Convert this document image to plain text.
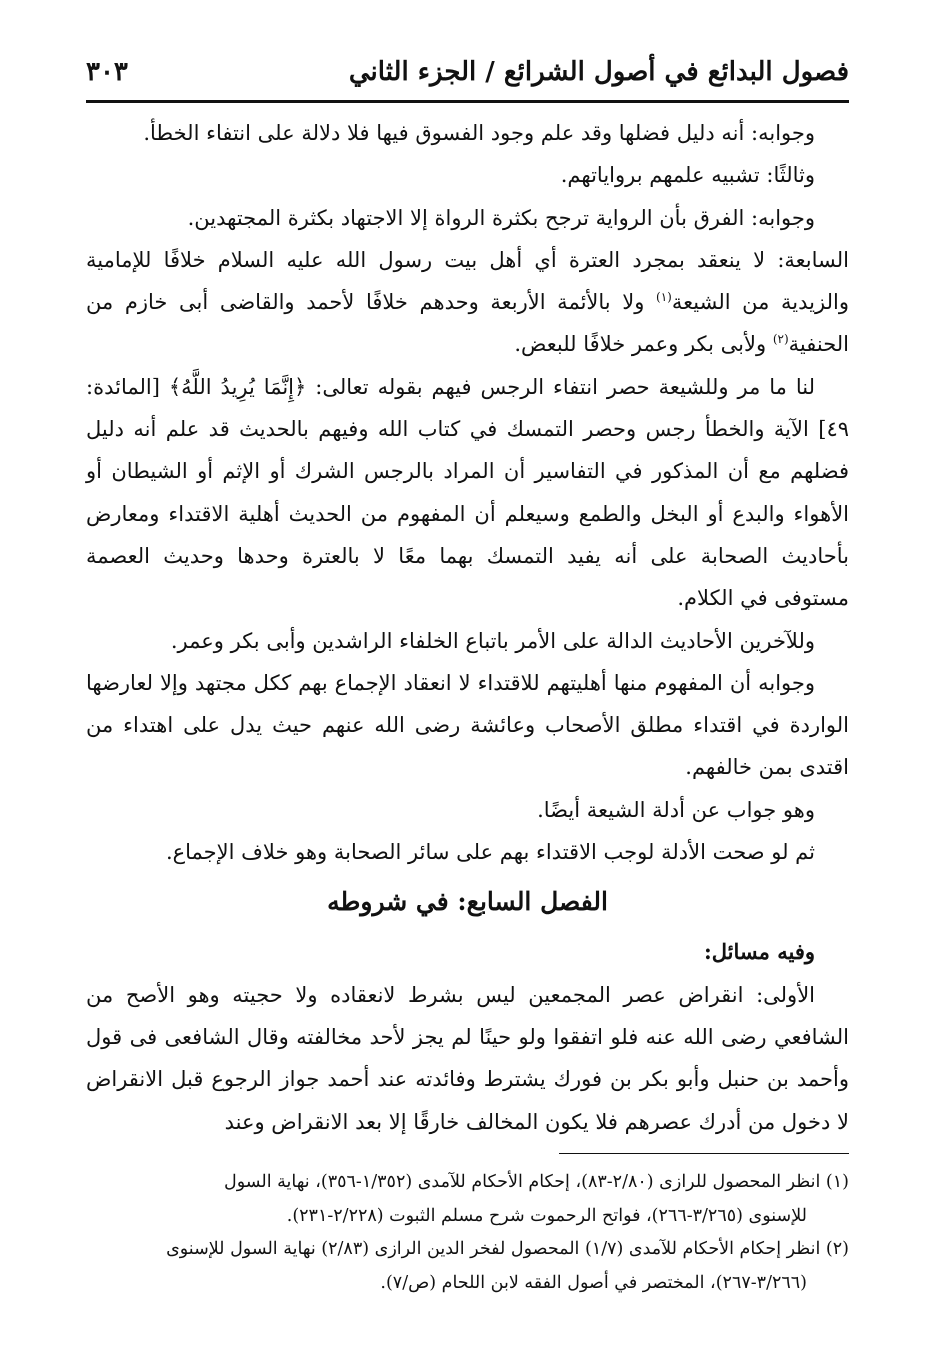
فصول البدائع في أصول الشرائع / الجزء الثاني
٣٠٣

وجوابه: أنه دليل فضلها وقد علم وجود الفسوق فيها فلا دلالة على انتفاء الخطأ.

وثالثًا: تشبيه علمهم برواياتهم.

وجوابه: الفرق بأن الرواية ترجح بكثرة الرواة إلا الاجتهاد بكثرة المجتهدين.

السابعة: لا ينعقد بمجرد العترة أي أهل بيت رسول الله عليه السلام خلافًا للإمامية والزيدية من الشيعة$^{(١)}$ ولا بالأئمة الأربعة وحدهم خلافًا لأحمد والقاضى أبى خازم من الحنفية$^{(٢)}$ ولأبى بكر وعمر خلافًا للبعض.

لنا ما مر وللشيعة حصر انتفاء الرجس فيهم بقوله تعالى: ﴿إِنَّمَا يُرِيدُ اللَّهُ﴾ [المائدة: ٤٩] الآية والخطأ رجس وحصر التمسك في كتاب الله وفيهم بالحديث قد علم أنه دليل فضلهم مع أن المذكور في التفاسير أن المراد بالرجس الشرك أو الإثم أو الشيطان أو الأهواء والبدع أو البخل والطمع وسيعلم أن المفهوم من الحديث أهلية الاقتداء ومعارض بأحاديث الصحابة على أنه يفيد التمسك بهما معًا لا بالعترة وحدها وحديث العصمة مستوفى في الكلام.

وللآخرين الأحاديث الدالة على الأمر باتباع الخلفاء الراشدين وأبى بكر وعمر.

وجوابه أن المفهوم منها أهليتهم للاقتداء لا انعقاد الإجماع بهم ككل مجتهد وإلا لعارضها الواردة في اقتداء مطلق الأصحاب وعائشة رضى الله عنهم حيث يدل على اهتداء من اقتدى بمن خالفهم.

وهو جواب عن أدلة الشيعة أيضًا.

ثم لو صحت الأدلة لوجب الاقتداء بهم على سائر الصحابة وهو خلاف الإجماع.

الفصل السابع: في شروطه

وفيه مسائل:

الأولى: انقراض عصر المجمعين ليس بشرط لانعقاده ولا حجيته وهو الأصح من الشافعي رضى الله عنه فلو اتفقوا ولو حينًا لم يجز لأحد مخالفته وقال الشافعى فى قول وأحمد بن حنبل وأبو بكر بن فورك يشترط وفائدته عند أحمد جواز الرجوع قبل الانقراض لا دخول من أدرك عصرهم فلا يكون المخالف خارقًا إلا بعد الانقراض وعند

(١) انظر المحصول للرازى (٢/٨٠-٨٣)، إحكام الأحكام للآمدى (١/٣٥٢-٣٥٦)، نهاية السول

للإسنوى (٣/٢٦٥-٢٦٦)، فواتح الرحموت شرح مسلم الثبوت (٢/٢٢٨-٢٣١).

(٢) انظر إحكام الأحكام للآمدى (١/٧) المحصول لفخر الدين الرازى (٢/٨٣) نهاية السول للإسنوى

(٣/٢٦٦-٢٦٧)، المختصر في أصول الفقه لابن اللحام (ص/٧).
